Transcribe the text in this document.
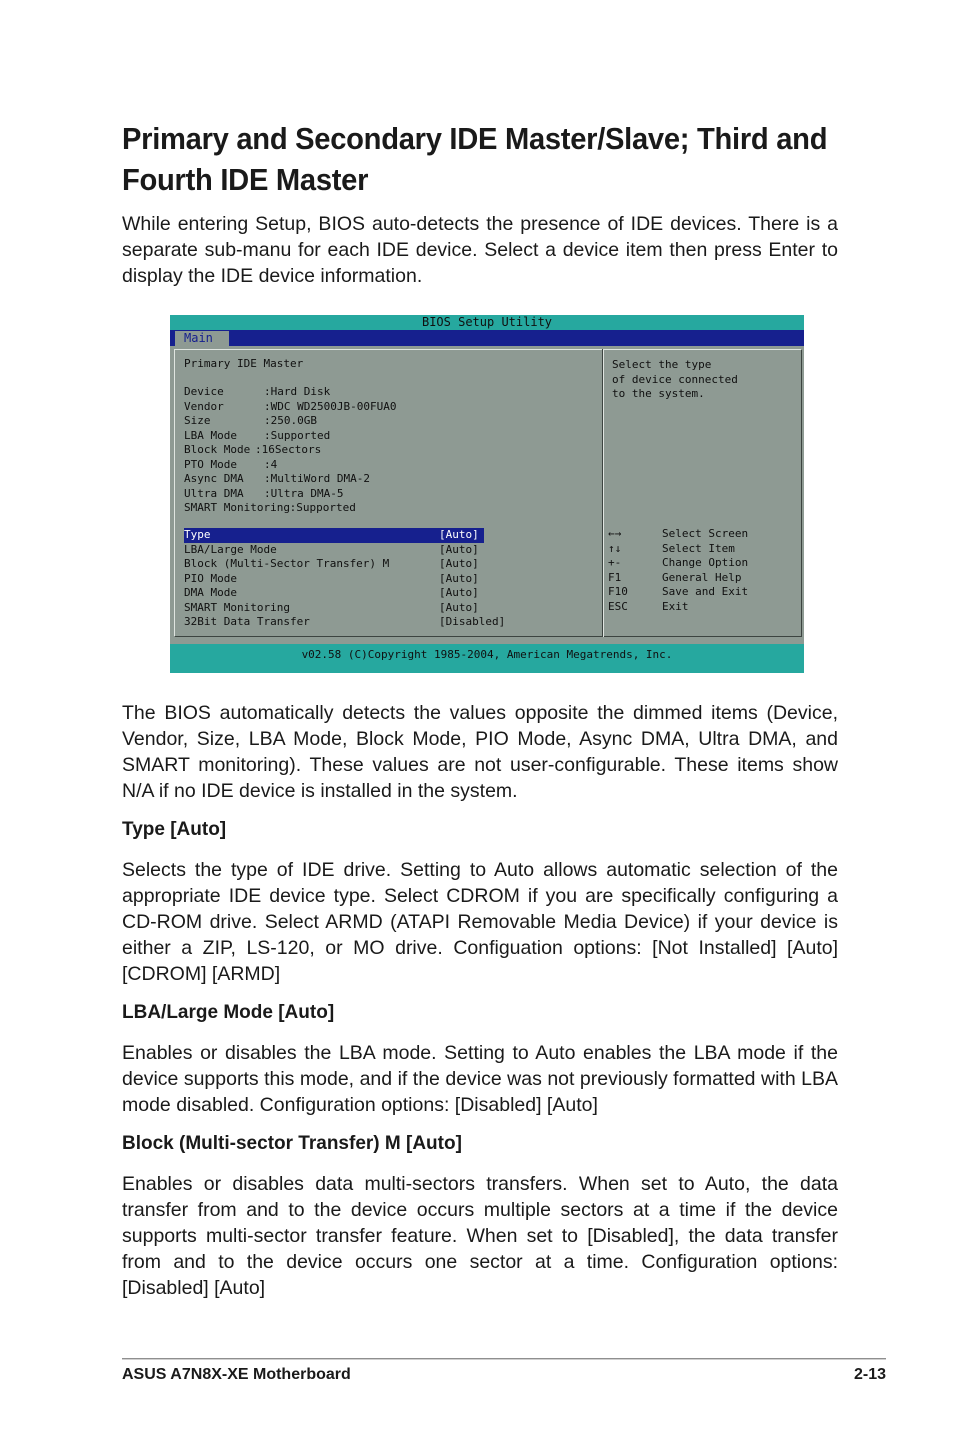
Primary and Secondary IDE Master/Slave; Third and Fourth IDE Master
While entering Setup, BIOS auto-detects the presence of IDE devices. There is a separate sub-manu for each IDE device. Select a device item then press Enter to display the IDE device information.
BIOS Setup Utility
Main
Primary IDE Master
Device	:Hard Disk
Vendor	:WDC WD2500JB-00FUA0
Size	:250.0GB
LBA Mode :Supported
Block Mode :16Sectors
PTO Mode :4
Async DMA :MultiWord DMA-2
Ultra DMA :Ultra DMA-5
SMART Monitoring :Supported
Type	[Auto]
LBA/Large Mode	[Auto]
Block (Multi-Sector Transfer) M	[Auto]
PIO Mode	[Auto]
DMA Mode	[Auto]
SMART Monitoring	[Auto]
32Bit Data Transfer	[Disabled]
Select the type
of device connected
to the system.
←→	Select Screen
↑↓	Select Item
+-	Change Option
F1	General Help
F10	Save and Exit
ESC	Exit
v02.58 (C)Copyright 1985-2004, American Megatrends, Inc.
The BIOS automatically detects the values opposite the dimmed items (Device, Vendor, Size, LBA Mode, Block Mode, PIO Mode, Async DMA, Ultra DMA, and SMART monitoring). These values are not user-configurable. These items show N/A if no IDE device is installed in the system.
Type [Auto]
Selects the type of IDE drive. Setting to Auto allows automatic selection of the appropriate IDE device type. Select CDROM if you are specifically configuring a CD-ROM drive. Select ARMD (ATAPI Removable Media Device) if your device is either a ZIP, LS-120, or MO drive. Configuation options: [Not Installed] [Auto] [CDROM] [ARMD]
LBA/Large Mode [Auto]
Enables or disables the LBA mode. Setting to Auto enables the LBA mode if the device supports this mode, and if the device was not previously formatted with LBA mode disabled. Configuration options: [Disabled] [Auto]
Block (Multi-sector Transfer) M [Auto]
Enables or disables data multi-sectors transfers. When set to Auto, the data transfer from and to the device occurs multiple sectors at a time if the device supports multi-sector transfer feature. When set to [Disabled], the data transfer from and to the device occurs one sector at a time. Configuration options: [Disabled] [Auto]
ASUS A7N8X-XE Motherboard	2-13
